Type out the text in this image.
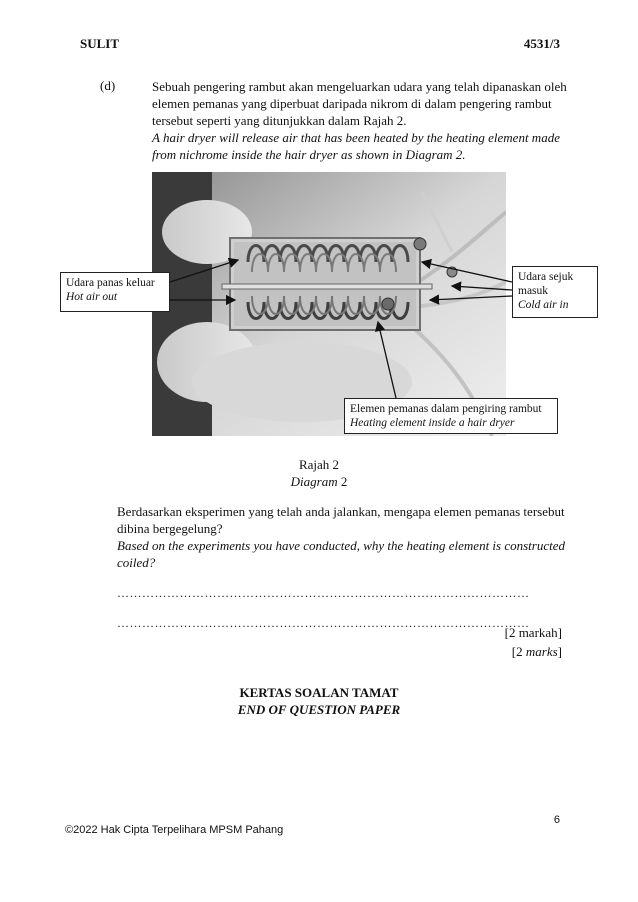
SULIT	4531/3
(d)	Sebuah pengering rambut akan mengeluarkan udara yang telah dipanaskan oleh elemen pemanas yang diperbuat daripada nikrom di dalam pengering rambut tersebut seperti yang ditunjukkan dalam Rajah 2.

A hair dryer will release air that has been heated by the heating element made from nichrome inside the hair dryer as shown in Diagram 2.

Udara panas keluar
Hot air out
Udara sejuk
masuk
Cold air in
Elemen pemanas dalam pengiring rambut
Heating element inside a hair dryer
Rajah 2
Diagram 2

Berdasarkan eksperimen yang telah anda jalankan, mengapa elemen pemanas tersebut dibina bergegelung?

Based on the experiments you have conducted, why the heating element is constructed coiled?

………………………………………………………………………………………
………………………………………………………………………………………
[2 markah]
[2 marks]
KERTAS SOALAN TAMAT
END OF QUESTION PAPER
6
©2022 Hak Cipta Terpelihara MPSM Pahang
